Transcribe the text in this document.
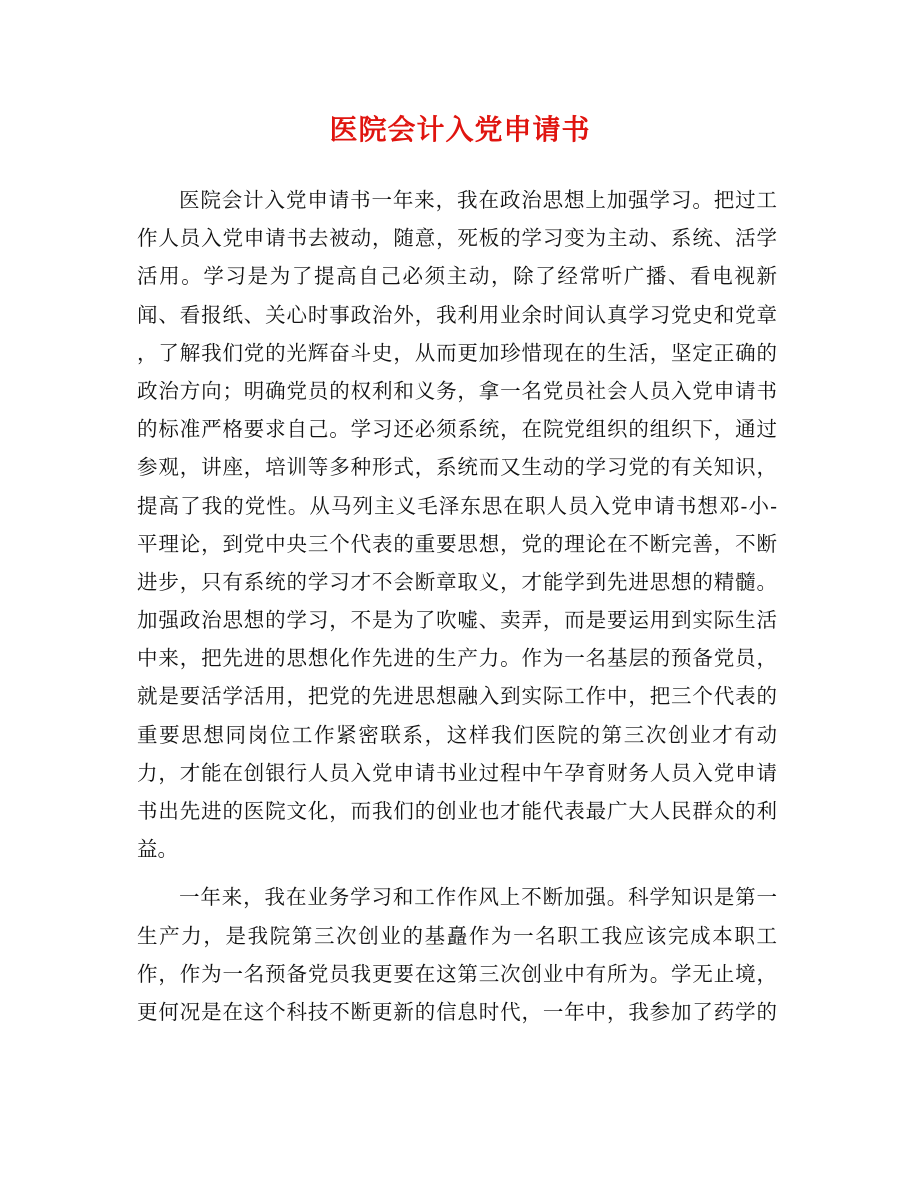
医院会计入党申请书
医院会计入党申请书一年来，我在政治思想上加强学习。把过工
作人员入党申请书去被动，随意，死板的学习变为主动、系统、活学
活用。学习是为了提高自己必须主动，除了经常听广播、看电视新
闻、看报纸、关心时事政治外，我利用业余时间认真学习党史和党章
，了解我们党的光辉奋斗史，从而更加珍惜现在的生活，坚定正确的
政治方向；明确党员的权利和义务，拿一名党员社会人员入党申请书
的标准严格要求自己。学习还必须系统，在院党组织的组织下，通过
参观，讲座，培训等多种形式，系统而又生动的学习党的有关知识，
提高了我的党性。从马列主义毛泽东思在职人员入党申请书想邓-小-
平理论，到党中央三个代表的重要思想，党的理论在不断完善，不断
进步，只有系统的学习才不会断章取义，才能学到先进思想的精髓。
加强政治思想的学习，不是为了吹嘘、卖弄，而是要运用到实际生活
中来，把先进的思想化作先进的生产力。作为一名基层的预备党员，
就是要活学活用，把党的先进思想融入到实际工作中，把三个代表的
重要思想同岗位工作紧密联系，这样我们医院的第三次创业才有动
力，才能在创银行人员入党申请书业过程中午孕育财务人员入党申请
书出先进的医院文化，而我们的创业也才能代表最广大人民群众的利
益。
一年来，我在业务学习和工作作风上不断加强。科学知识是第一
生产力，是我院第三次创业的基矗作为一名职工我应该完成本职工
作，作为一名预备党员我更要在这第三次创业中有所为。学无止境，
更何况是在这个科技不断更新的信息时代，一年中，我参加了药学的
